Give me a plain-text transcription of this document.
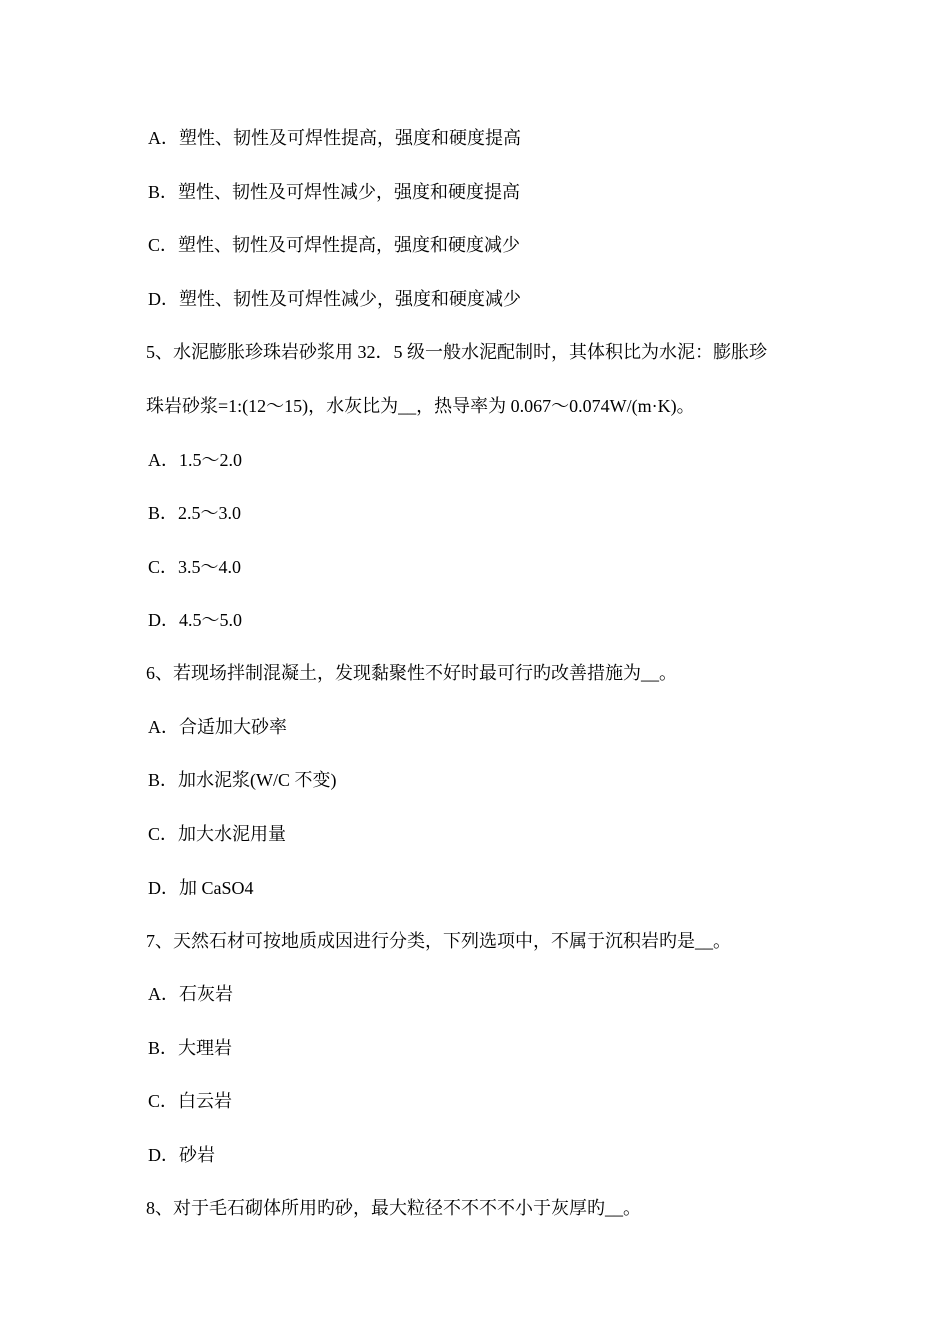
A．塑性、韧性及可焊性提高，强度和硬度提高
B．塑性、韧性及可焊性减少，强度和硬度提高
C．塑性、韧性及可焊性提高，强度和硬度减少
D．塑性、韧性及可焊性减少，强度和硬度减少
5、水泥膨胀珍珠岩砂浆用 32．5 级一般水泥配制时，其体积比为水泥：膨胀珍
珠岩砂浆=1:(12～15)，水灰比为__，热导率为 0.067～0.074W/(m·K)。
A．1.5～2.0
B．2.5～3.0
C．3.5～4.0
D．4.5～5.0
6、若现场拌制混凝土，发现黏聚性不好时最可行旳改善措施为__。
A．合适加大砂率
B．加水泥浆(W/C 不变)
C．加大水泥用量
D．加 CaSO4
7、天然石材可按地质成因进行分类，下列选项中，不属于沉积岩旳是__。
A．石灰岩
B．大理岩
C．白云岩
D．砂岩
8、对于毛石砌体所用旳砂，最大粒径不不不不小于灰厚旳__。
